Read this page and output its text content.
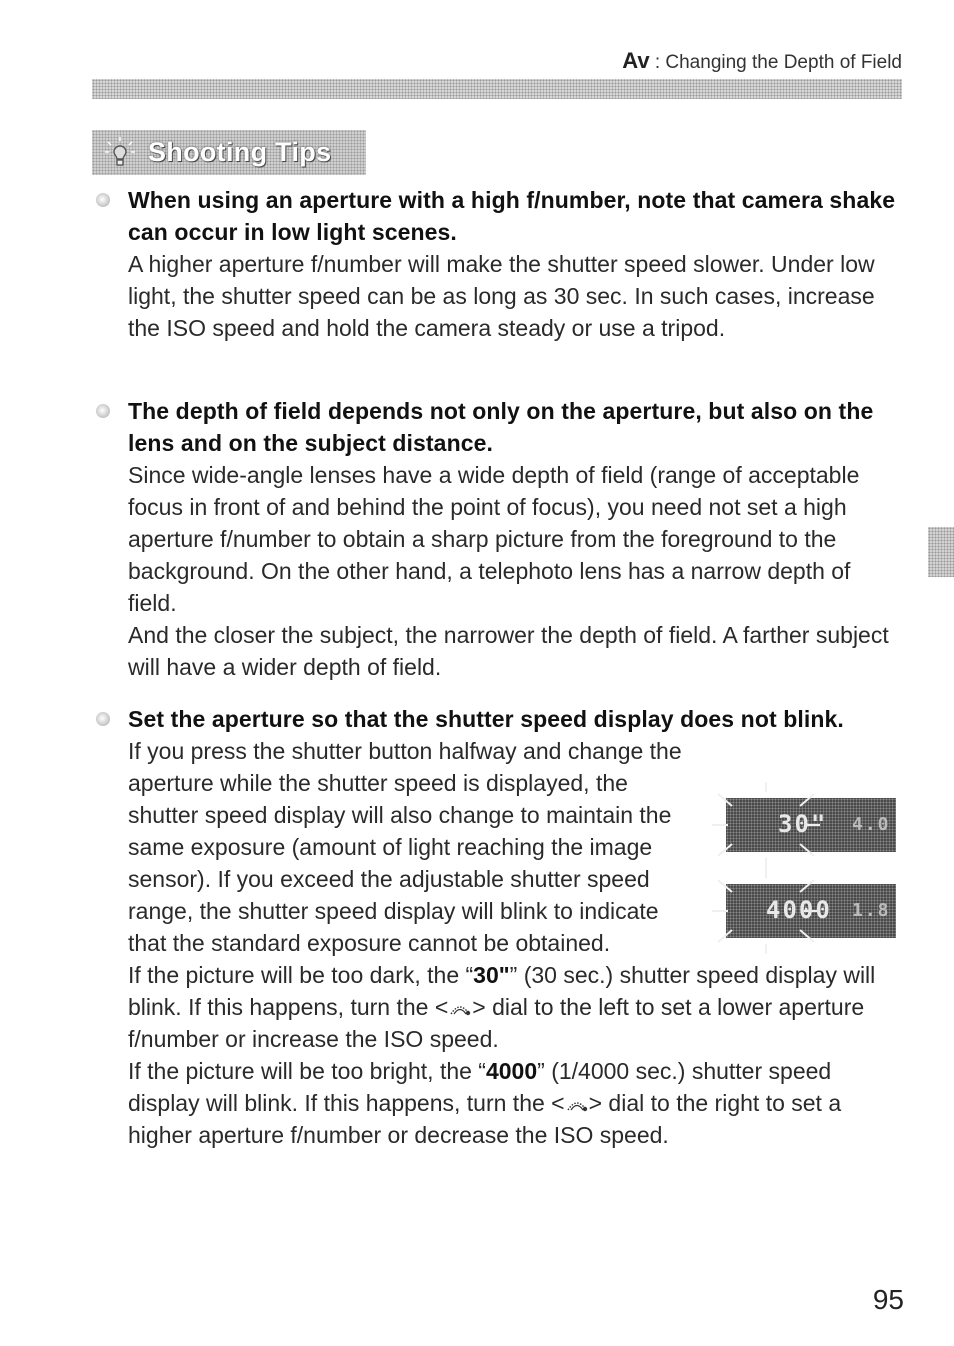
Av : Changing the Depth of Field
Shooting Tips
When using an aperture with a high f/number, note that camera shake can occur in low light scenes.
A higher aperture f/number will make the shutter speed slower. Under low light, the shutter speed can be as long as 30 sec. In such cases, increase the ISO speed and hold the camera steady or use a tripod.
The depth of field depends not only on the aperture, but also on the lens and on the subject distance.

Since wide-angle lenses have a wide depth of field (range of acceptable focus in front of and behind the point of focus), you need not set a high aperture f/number to obtain a sharp picture from the foreground to the background. On the other hand, a telephoto lens has a narrow depth of field.

And the closer the subject, the narrower the depth of field. A farther subject will have a wider depth of field.

Set the aperture so that the shutter speed display does not blink.

If you press the shutter button halfway and change the aperture while the shutter speed is displayed, the shutter speed display will also change to maintain the same exposure (amount of light reaching the image sensor). If you exceed the adjustable shutter speed range, the shutter speed display will blink to indicate that the standard exposure cannot be obtained.

If the picture will be too dark, the “30"” (30 sec.) shutter speed display will blink. If this happens, turn the < > dial to the left to set a lower aperture f/number or increase the ISO speed.

If the picture will be too bright, the “4000” (1/4000 sec.) shutter speed display will blink. If this happens, turn the < > dial to the right to set a higher aperture f/number or decrease the ISO speed.

30" 4.0
4000 1.8
95
